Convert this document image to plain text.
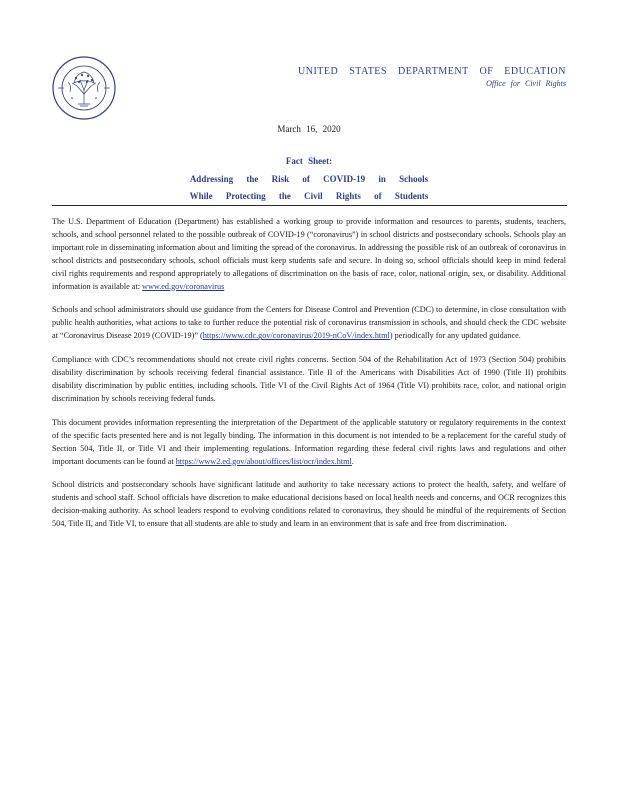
UNITED STATES DEPARTMENT OF EDUCATION
Office for Civil Rights
March 16, 2020
Fact Sheet:
Addressing the Risk of COVID-19 in Schools
While Protecting the Civil Rights of Students

The U.S. Department of Education (Department) has established a working group to provide information and resources to parents, students, teachers, schools, and school personnel related to the possible outbreak of COVID-19 (“coronavirus”) in school districts and postsecondary schools. Schools play an important role in disseminating information about and limiting the spread of the coronavirus. In addressing the possible risk of an outbreak of coronavirus in school districts and postsecondary schools, school officials must keep students safe and secure. In doing so, school officials should keep in mind federal civil rights requirements and respond appropriately to allegations of discrimination on the basis of race, color, national origin, sex, or disability. Additional information is available at: www.ed.gov/coronavirus

Schools and school administrators should use guidance from the Centers for Disease Control and Prevention (CDC) to determine, in close consultation with public health authorities, what actions to take to further reduce the potential risk of coronavirus transmission in schools, and should check the CDC website at “Coronavirus Disease 2019 (COVID-19)” (https://www.cdc.gov/coronavirus/2019-nCoV/index.html) periodically for any updated guidance.

Compliance with CDC’s recommendations should not create civil rights concerns. Section 504 of the Rehabilitation Act of 1973 (Section 504) prohibits disability discrimination by schools receiving federal financial assistance. Title II of the Americans with Disabilities Act of 1990 (Title II) prohibits disability discrimination by public entities, including schools. Title VI of the Civil Rights Act of 1964 (Title VI) prohibits race, color, and national origin discrimination by schools receiving federal funds.

This document provides information representing the interpretation of the Department of the applicable statutory or regulatory requirements in the context of the specific facts presented here and is not legally binding. The information in this document is not intended to be a replacement for the careful study of Section 504, Title II, or Title VI and their implementing regulations. Information regarding these federal civil rights laws and regulations and other important documents can be found at https://www2.ed.gov/about/offices/list/ocr/index.html.

School districts and postsecondary schools have significant latitude and authority to take necessary actions to protect the health, safety, and welfare of students and school staff. School officials have discretion to make educational decisions based on local health needs and concerns, and OCR recognizes this decision-making authority. As school leaders respond to evolving conditions related to coronavirus, they should be mindful of the requirements of Section 504, Title II, and Title VI, to ensure that all students are able to study and learn in an environment that is safe and free from discrimination.
